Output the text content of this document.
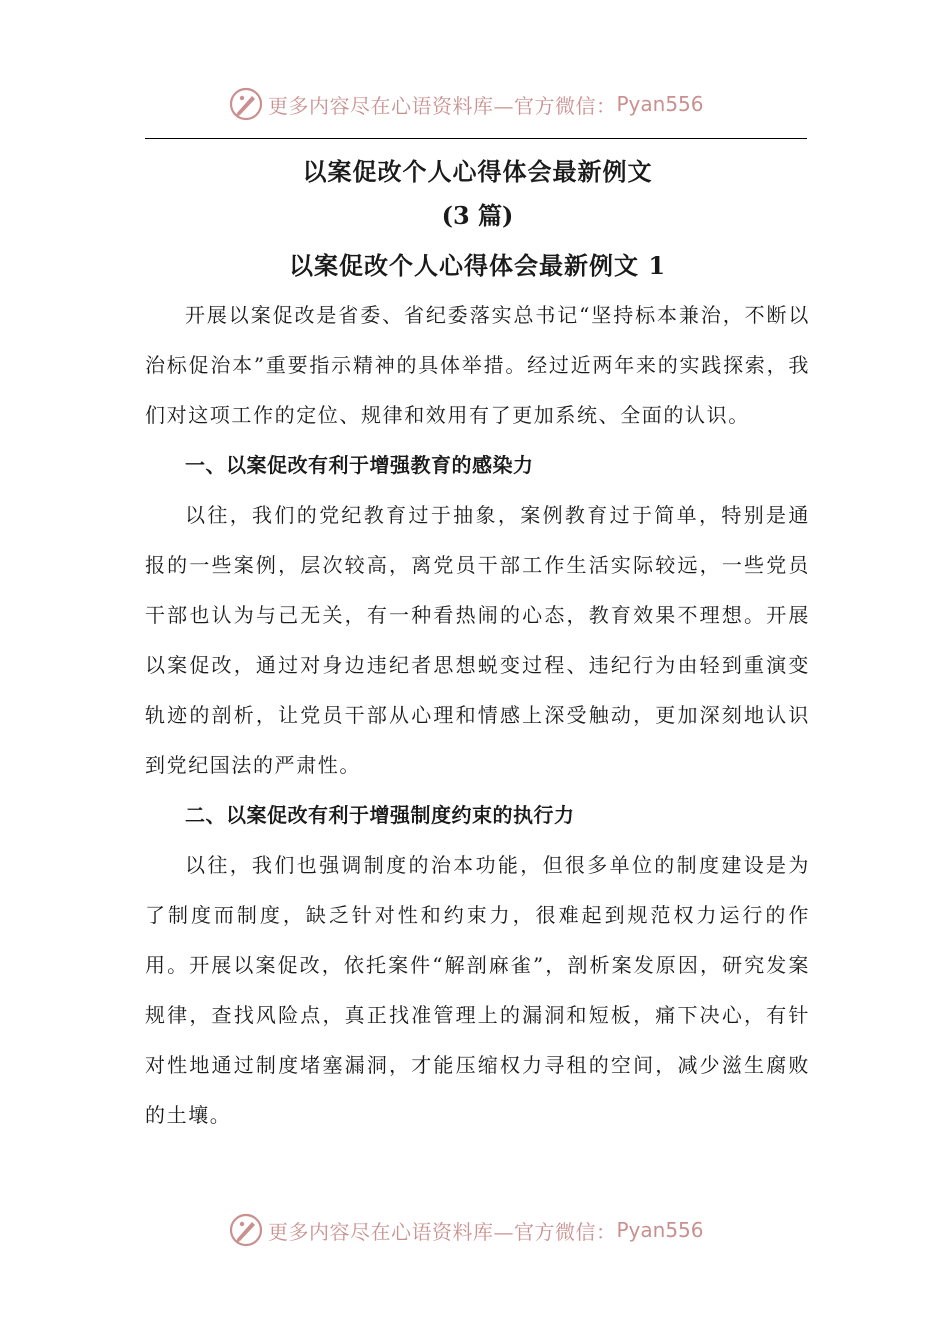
更多内容尽在心语资料库—官方微信： Pyan556
以案促改个人心得体会最新例文
(3 篇)
以案促改个人心得体会最新例文 1

开展以案促改是省委、省纪委落实总书记“坚持标本兼治，不断以治标促治本”重要指示精神的具体举措。经过近两年来的实践探索，我们对这项工作的定位、规律和效用有了更加系统、全面的认识。

一、以案促改有利于增强教育的感染力

以往，我们的党纪教育过于抽象，案例教育过于简单，特别是通报的一些案例，层次较高，离党员干部工作生活实际较远，一些党员干部也认为与己无关，有一种看热闹的心态，教育效果不理想。开展以案促改，通过对身边违纪者思想蜕变过程、违纪行为由轻到重演变轨迹的剖析，让党员干部从心理和情感上深受触动，更加深刻地认识到党纪国法的严肃性。

二、以案促改有利于增强制度约束的执行力

以往，我们也强调制度的治本功能，但很多单位的制度建设是为了制度而制度，缺乏针对性和约束力，很难起到规范权力运行的作用。开展以案促改，依托案件“解剖麻雀”，剖析案发原因，研究发案规律，查找风险点，真正找准管理上的漏洞和短板，痛下决心，有针对性地通过制度堵塞漏洞，才能压缩权力寻租的空间，减少滋生腐败的土壤。

更多内容尽在心语资料库—官方微信： Pyan556
